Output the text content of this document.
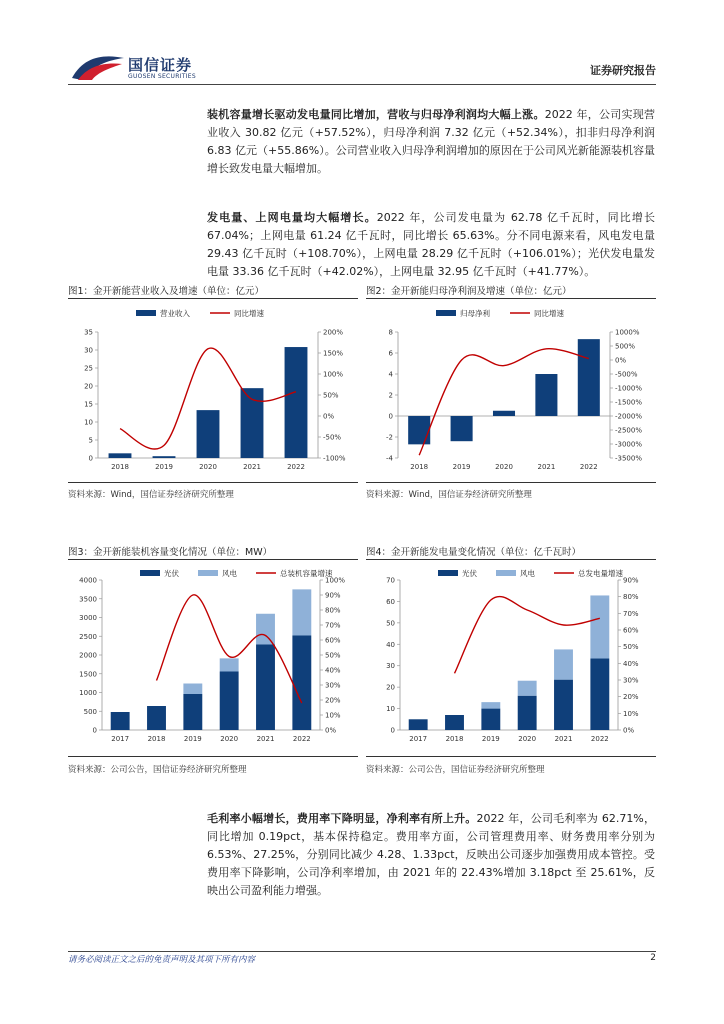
国信证券
GUOSEN SECURITIES	证券研究报告

装机容量增长驱动发电量同比增加，营收与归母净利润均大幅上涨。2022 年，公司实现营业收入 30.82 亿元（+57.52%），归母净利润 7.32 亿元（+52.34%），扣非归母净利润 6.83 亿元（+55.86%）。公司营业收入归母净利润增加的原因在于公司风光新能源装机容量增长致发电量大幅增加。

发电量、上网电量均大幅增长。2022 年，公司发电量为 62.78 亿千瓦时，同比增长 67.04%；上网电量 61.24 亿千瓦时，同比增长 65.63%。分不同电源来看，风电发电量 29.43 亿千瓦时（+108.70%），上网电量 28.29 亿千瓦时（+106.01%）；光伏发电量发电量 33.36 亿千瓦时（+42.02%），上网电量 32.95 亿千瓦时（+41.77%）。

图1：金开新能营业收入及增速（单位：亿元）
0
5
10
15
20
25
30
35
-100%
-50%
0%
50%
100%
150%
200%
2018	2019	2020	2021	2022
营业收入	同比增速
资料来源：Wind，国信证券经济研究所整理
图2：金开新能归母净利润及增速（单位：亿元）
-4
-2
0
2
4
6
8
-3500%
-3000%
-2500%
-2000%
-1500%
-1000%
-500%
0%
500%
1000%
2018	2019	2020	2021	2022
归母净利	同比增速
资料来源：Wind，国信证券经济研究所整理
图3：金开新能装机容量变化情况（单位：MW）
0
500
1000
1500
2000
2500
3000
3500
4000
0%
10%
20%
30%
40%
50%
60%
70%
80%
90%
100%
2017	2018	2019	2020	2021	2022
光伏	风电	总装机容量增速
资料来源：公司公告，国信证券经济研究所整理
图4：金开新能发电量变化情况（单位：亿千瓦时）
0
10
20
30
40
50
60
70
0%
10%
20%
30%
40%
50%
60%
70%
80%
90%
2017	2018	2019	2020	2021	2022
光伏	风电	总发电量增速
资料来源：公司公告，国信证券经济研究所整理

毛利率小幅增长，费用率下降明显，净利率有所上升。2022 年，公司毛利率为 62.71%，同比增加 0.19pct，基本保持稳定。费用率方面，公司管理费用率、财务费用率分别为 6.53%、27.25%，分别同比减少 4.28、1.33pct，反映出公司逐步加强费用成本管控。受费用率下降影响，公司净利率增加，由 2021 年的 22.43%增加 3.18pct 至 25.61%，反映出公司盈利能力增强。

请务必阅读正文之后的免责声明及其项下所有内容	2
